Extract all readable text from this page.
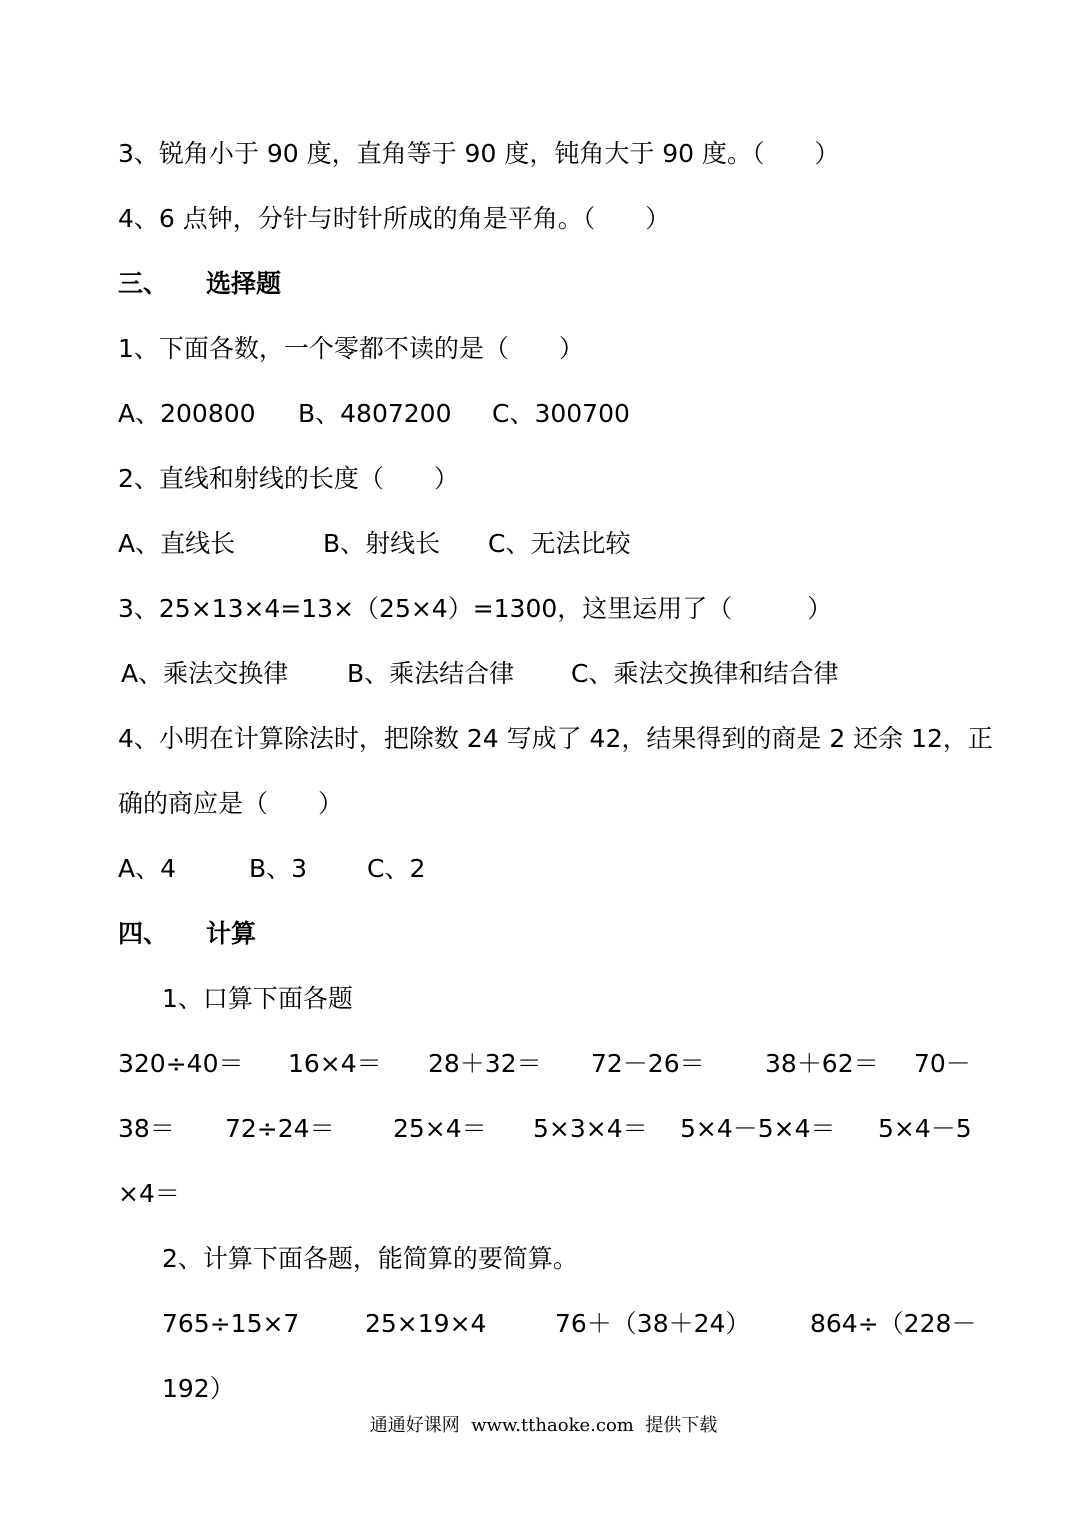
3、锐角小于 90 度，直角等于 90 度，钝角大于 90 度。（　　）
4、6 点钟，分针与时针所成的角是平角。（　　）
三、 选择题
1、下面各数，一个零都不读的是（　　）
A、200800 B、4807200 C、300700
2、直线和射线的长度（　　）
A、直线长	B、射线长 C、无法比较
3、25×13×4=13×（25×4）=1300，这里运用了（　　　）
A、乘法交换律 B、乘法结合律 C、乘法交换律和结合律
4、小明在计算除法时，把除数 24 写成了 42，结果得到的商是 2 还余 12，正
确的商应是（　　）
A、4	B、3 C、2
四、 计算
1、口算下面各题
320÷40＝ 16×4＝ 28＋32＝ 72－26＝ 38＋62＝ 70－
38＝ 72÷24＝ 25×4＝ 5×3×4＝ 5×4－5×4＝ 5×4－5
×4＝
2、计算下面各题，能简算的要简算。
765÷15×7	25×19×4	76＋（38＋24） 864÷（228－
192）
通通好课网  www.tthaoke.com  提供下载
